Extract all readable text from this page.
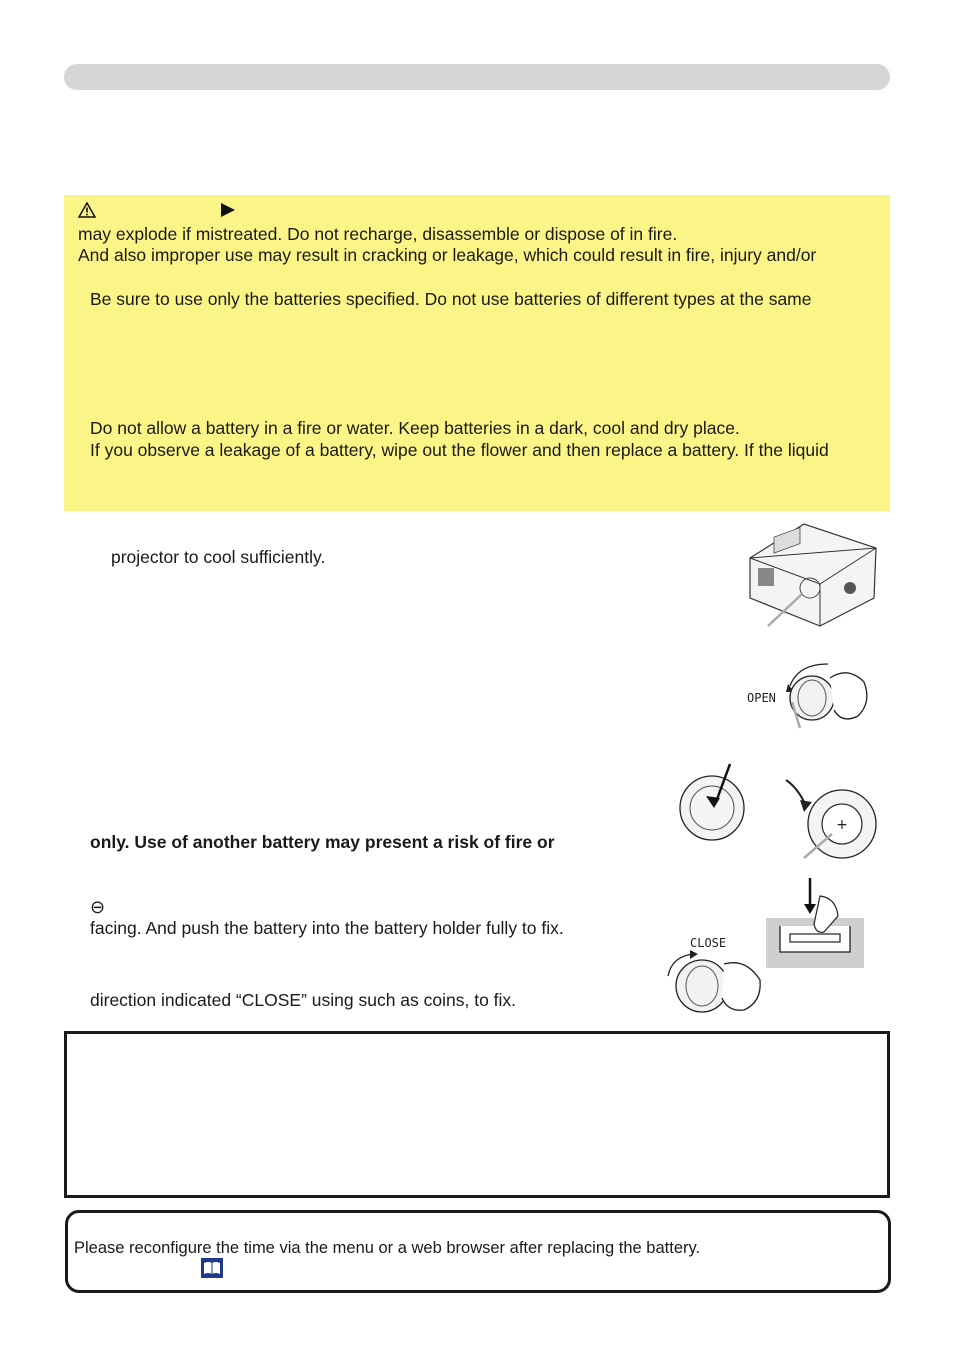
may explode if mistreated. Do not recharge, disassemble or dispose of in fire.
And also improper use may result in cracking or leakage, which could result in fire, injury and/or
Be sure to use only the batteries specified. Do not use batteries of different types at the same
Do not allow a battery in a fire or water. Keep batteries in a dark, cool and dry place.
If you observe a leakage of a battery, wipe out the flower and then replace a battery. If the liquid
projector to cool sufficiently.
only. Use of another battery may present a risk of fire or
⊖
facing. And push the battery into the battery holder fully to fix.
direction indicated “CLOSE” using such as coins, to fix.
OPEN
+
CLOSE
Please reconfigure the time via the menu or a web browser after replacing the battery.
